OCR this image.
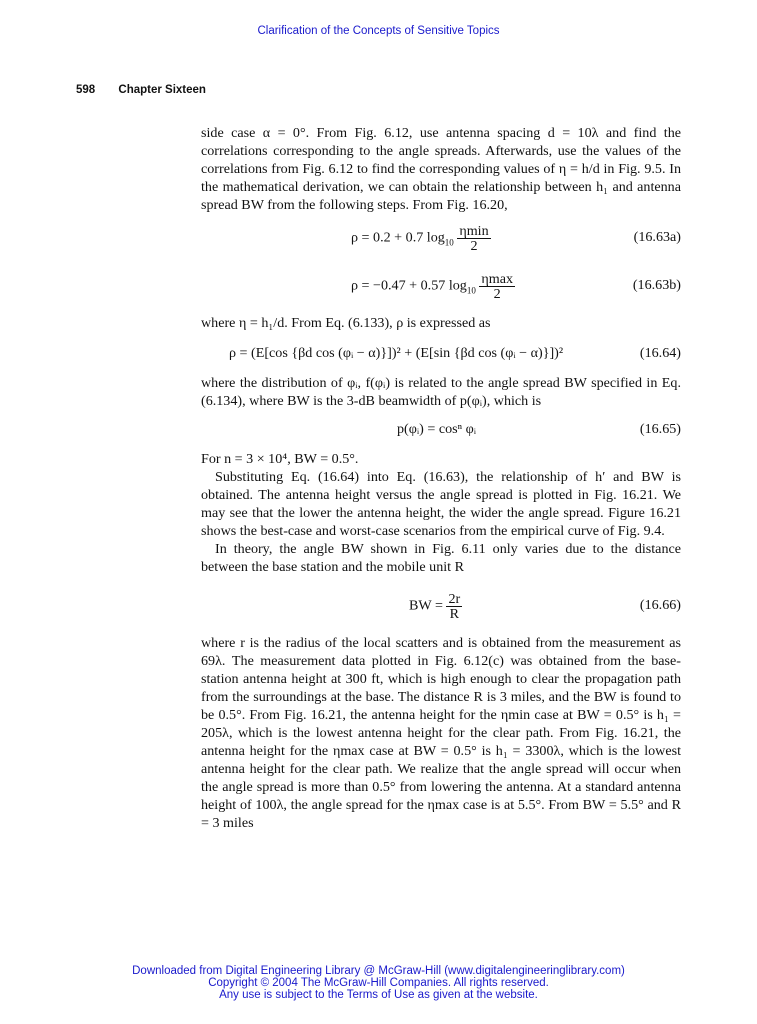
Clarification of the Concepts of Sensitive Topics
598 Chapter Sixteen

side case α = 0°. From Fig. 6.12, use antenna spacing d = 10λ and find the correlations corresponding to the angle spreads. Afterwards, use the values of the correlations from Fig. 6.12 to find the corresponding values of η = h/d in Fig. 9.5. In the mathematical derivation, we can obtain the relationship between h₁ and antenna spread BW from the following steps. From Fig. 16.20,

ρ = 0.2 + 0.7 $\log_{10} \frac{\eta\min}{2}$	(16.63a)
ρ = −0.47 + 0.57 $\log_{10} \frac{\eta\max}{2}$	(16.63b)

where η = h₁/d. From Eq. (6.133), ρ is expressed as

ρ = (E[cos {βd cos (φᵢ − α)}])² + (E[sin {βd cos (φᵢ − α)}])²	(16.64)

where the distribution of φᵢ, f(φᵢ) is related to the angle spread BW specified in Eq. (6.134), where BW is the 3-dB beamwidth of p(φᵢ), which is

p(φᵢ) = cosⁿ φᵢ	(16.65)

For n = 3 × 10⁴, BW = 0.5°.

Substituting Eq. (16.64) into Eq. (16.63), the relationship of h′ and BW is obtained. The antenna height versus the angle spread is plotted in Fig. 16.21. We may see that the lower the antenna height, the wider the angle spread. Figure 16.21 shows the best-case and worst-case scenarios from the empirical curve of Fig. 9.4.

In theory, the angle BW shown in Fig. 6.11 only varies due to the distance between the base station and the mobile unit R

BW = $\frac{2r}{R}$	(16.66)

where r is the radius of the local scatters and is obtained from the measurement as 69λ. The measurement data plotted in Fig. 6.12(c) was obtained from the base-station antenna height at 300 ft, which is high enough to clear the propagation path from the surroundings at the base. The distance R is 3 miles, and the BW is found to be 0.5°. From Fig. 16.21, the antenna height for the ηmin case at BW = 0.5° is h₁ = 205λ, which is the lowest antenna height for the clear path. From Fig. 16.21, the antenna height for the ηmax case at BW = 0.5° is h₁ = 3300λ, which is the lowest antenna height for the clear path. We realize that the angle spread will occur when the angle spread is more than 0.5° from lowering the antenna. At a standard antenna height of 100λ, the angle spread for the ηmax case is at 5.5°. From BW = 5.5° and R = 3 miles

Downloaded from Digital Engineering Library @ McGraw-Hill (www.digitalengineeringlibrary.com)
Copyright © 2004 The McGraw-Hill Companies. All rights reserved.
Any use is subject to the Terms of Use as given at the website.
